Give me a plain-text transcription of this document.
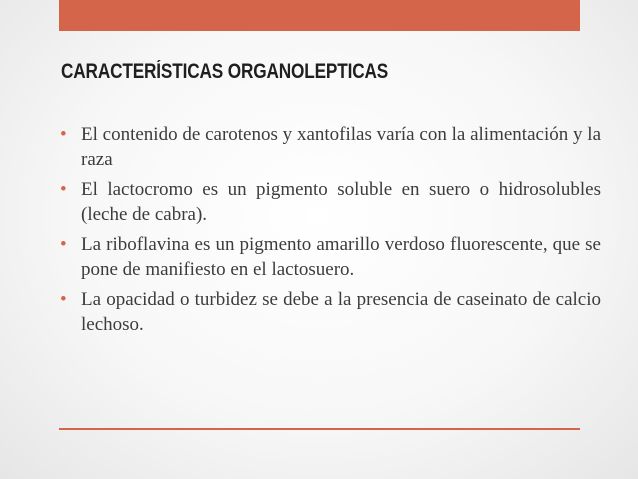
CARACTERÍSTICAS ORGANOLEPTICAS
• El contenido de carotenos y xantofilas varía con la alimentación y la raza
• El lactocromo es un pigmento soluble en suero o hidrosolubles (leche de cabra).
• La riboflavina es un pigmento amarillo verdoso fluorescente, que se pone de manifiesto en el lactosuero.
• La opacidad o turbidez se debe a la presencia de caseinato de calcio lechoso.
